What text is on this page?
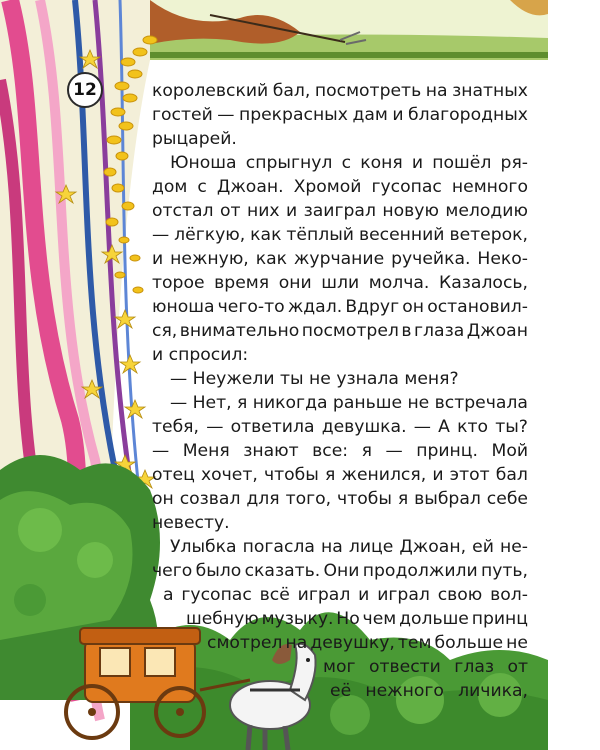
12	королевский бал, посмотреть на знатных
гостей — прекрасных дам и благородных
рыцарей.
Юноша спрыгнул с коня и пошёл ря-
дом с Джоан. Хромой гусопас немного
отстал от них и заиграл новую мелодию
— лёгкую, как тёплый весенний ветерок,
и нежную, как журчание ручейка. Неко-
торое время они шли молча. Казалось,
юноша чего-то ждал. Вдруг он остановил-
ся, внимательно посмотрел в глаза Джоан
и спросил:
— Неужели ты не узнала меня?
— Нет, я никогда раньше не встречала
тебя, — ответила девушка. — А кто ты?
— Меня знают все: я — принц. Мой
отец хочет, чтобы я женился, и этот бал
он созвал для того, чтобы я выбрал себе
невесту.
Улыбка погасла на лице Джоан, ей не-
чего было сказать. Они продолжили путь,
а гусопас всё играл и играл свою вол-
шебную музыку. Но чем дольше принц
смотрел на девушку, тем больше не
мог отвести глаз от
её нежного личика,
